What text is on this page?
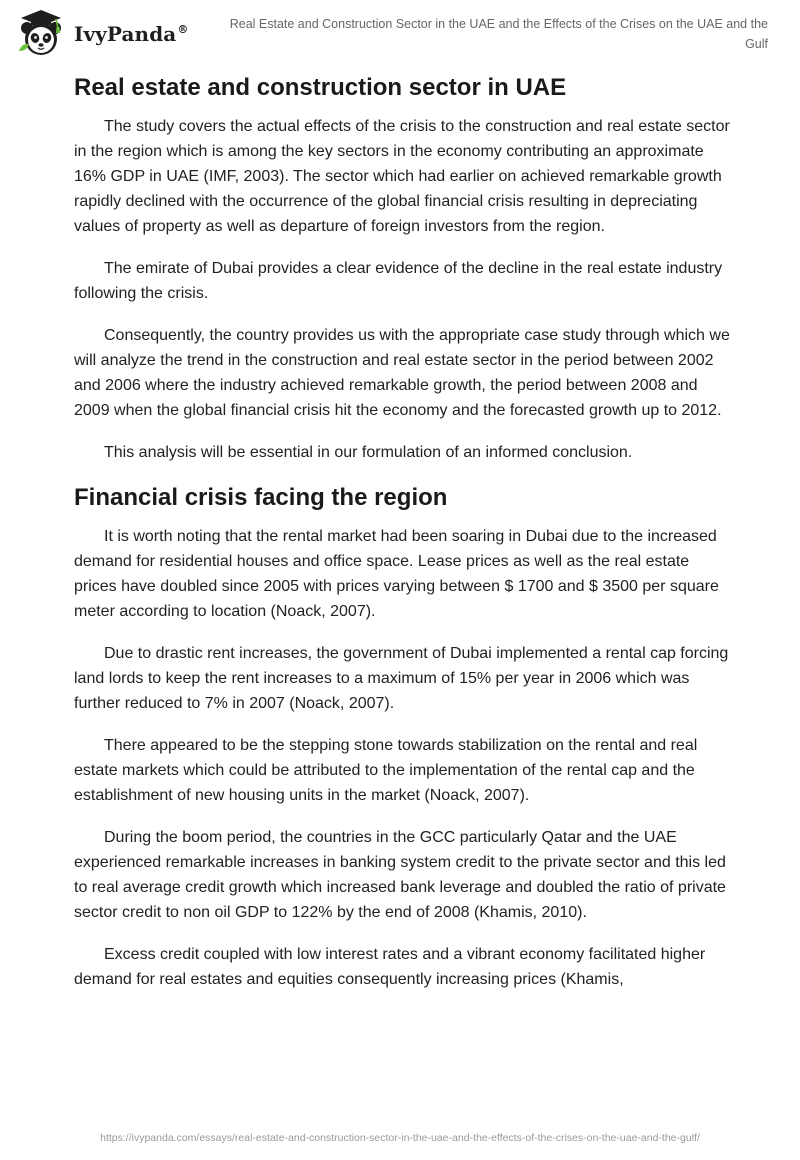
IvyPanda®	Real Estate and Construction Sector in the UAE and the Effects of the Crises on the UAE and the Gulf

Real estate and construction sector in UAE

The study covers the actual effects of the crisis to the construction and real estate sector in the region which is among the key sectors in the economy contributing an approximate 16% GDP in UAE (IMF, 2003). The sector which had earlier on achieved remarkable growth rapidly declined with the occurrence of the global financial crisis resulting in depreciating values of property as well as departure of foreign investors from the region.

The emirate of Dubai provides a clear evidence of the decline in the real estate industry following the crisis.

Consequently, the country provides us with the appropriate case study through which we will analyze the trend in the construction and real estate sector in the period between 2002 and 2006 where the industry achieved remarkable growth, the period between 2008 and 2009 when the global financial crisis hit the economy and the forecasted growth up to 2012.

This analysis will be essential in our formulation of an informed conclusion.

Financial crisis facing the region

It is worth noting that the rental market had been soaring in Dubai due to the increased demand for residential houses and office space. Lease prices as well as the real estate prices have doubled since 2005 with prices varying between $ 1700 and $ 3500 per square meter according to location (Noack, 2007).

Due to drastic rent increases, the government of Dubai implemented a rental cap forcing land lords to keep the rent increases to a maximum of 15% per year in 2006 which was further reduced to 7% in 2007 (Noack, 2007).

There appeared to be the stepping stone towards stabilization on the rental and real estate markets which could be attributed to the implementation of the rental cap and the establishment of new housing units in the market (Noack, 2007).

During the boom period, the countries in the GCC particularly Qatar and the UAE experienced remarkable increases in banking system credit to the private sector and this led to real average credit growth which increased bank leverage and doubled the ratio of private sector credit to non oil GDP to 122% by the end of 2008 (Khamis, 2010).

Excess credit coupled with low interest rates and a vibrant economy facilitated higher demand for real estates and equities consequently increasing prices (Khamis,

https://ivypanda.com/essays/real-estate-and-construction-sector-in-the-uae-and-the-effects-of-the-crises-on-the-uae-and-the-gulf/
